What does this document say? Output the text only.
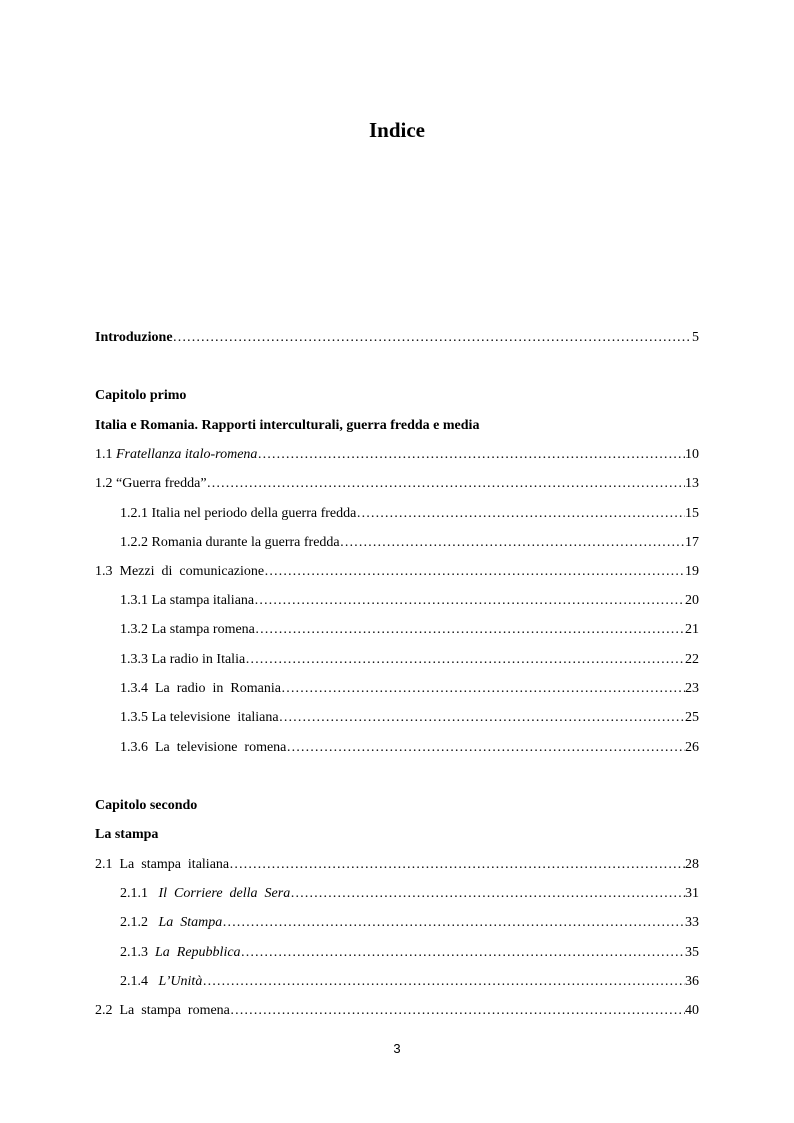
Indice
Introduzione …………………………………………………………………………………………………………………………………………………………………………	5
Capitolo primo
Italia e Romania. Rapporti interculturali, guerra fredda e media
1.1 Fratellanza italo-romena …………………………………………………………………………………………………………………………………………………………………………	10
1.2 “Guerra fredda” …………………………………………………………………………………………………………………………………………………………………………	13
1.2.1 Italia nel periodo della guerra fredda …………………………………………………………………………………………………………………………………………………………………………	15
1.2.2 Romania durante la guerra fredda …………………………………………………………………………………………………………………………………………………………………………	17
1.3 Mezzi  di  comunicazione …………………………………………………………………………………………………………………………………………………………………………	19
1.3.1 La stampa italiana …………………………………………………………………………………………………………………………………………………………………………	20
1.3.2 La stampa romena …………………………………………………………………………………………………………………………………………………………………………	21
1.3.3 La radio in Italia …………………………………………………………………………………………………………………………………………………………………………	22
1.3.4 La  radio  in  Romania …………………………………………………………………………………………………………………………………………………………………………	23
1.3.5 La televisione  italiana …………………………………………………………………………………………………………………………………………………………………………	25
1.3.6 La  televisione  romena …………………………………………………………………………………………………………………………………………………………………………	26
Capitolo secondo
La stampa
2.1 La  stampa  italiana …………………………………………………………………………………………………………………………………………………………………………	28
2.1.1 Il  Corriere  della  Sera …………………………………………………………………………………………………………………………………………………………………………	31
2.1.2 La  Stampa …………………………………………………………………………………………………………………………………………………………………………	33
2.1.3 La  Repubblica …………………………………………………………………………………………………………………………………………………………………………	35
2.1.4 L’Unità …………………………………………………………………………………………………………………………………………………………………………	36
2.2 La  stampa  romena …………………………………………………………………………………………………………………………………………………………………………	40
3
